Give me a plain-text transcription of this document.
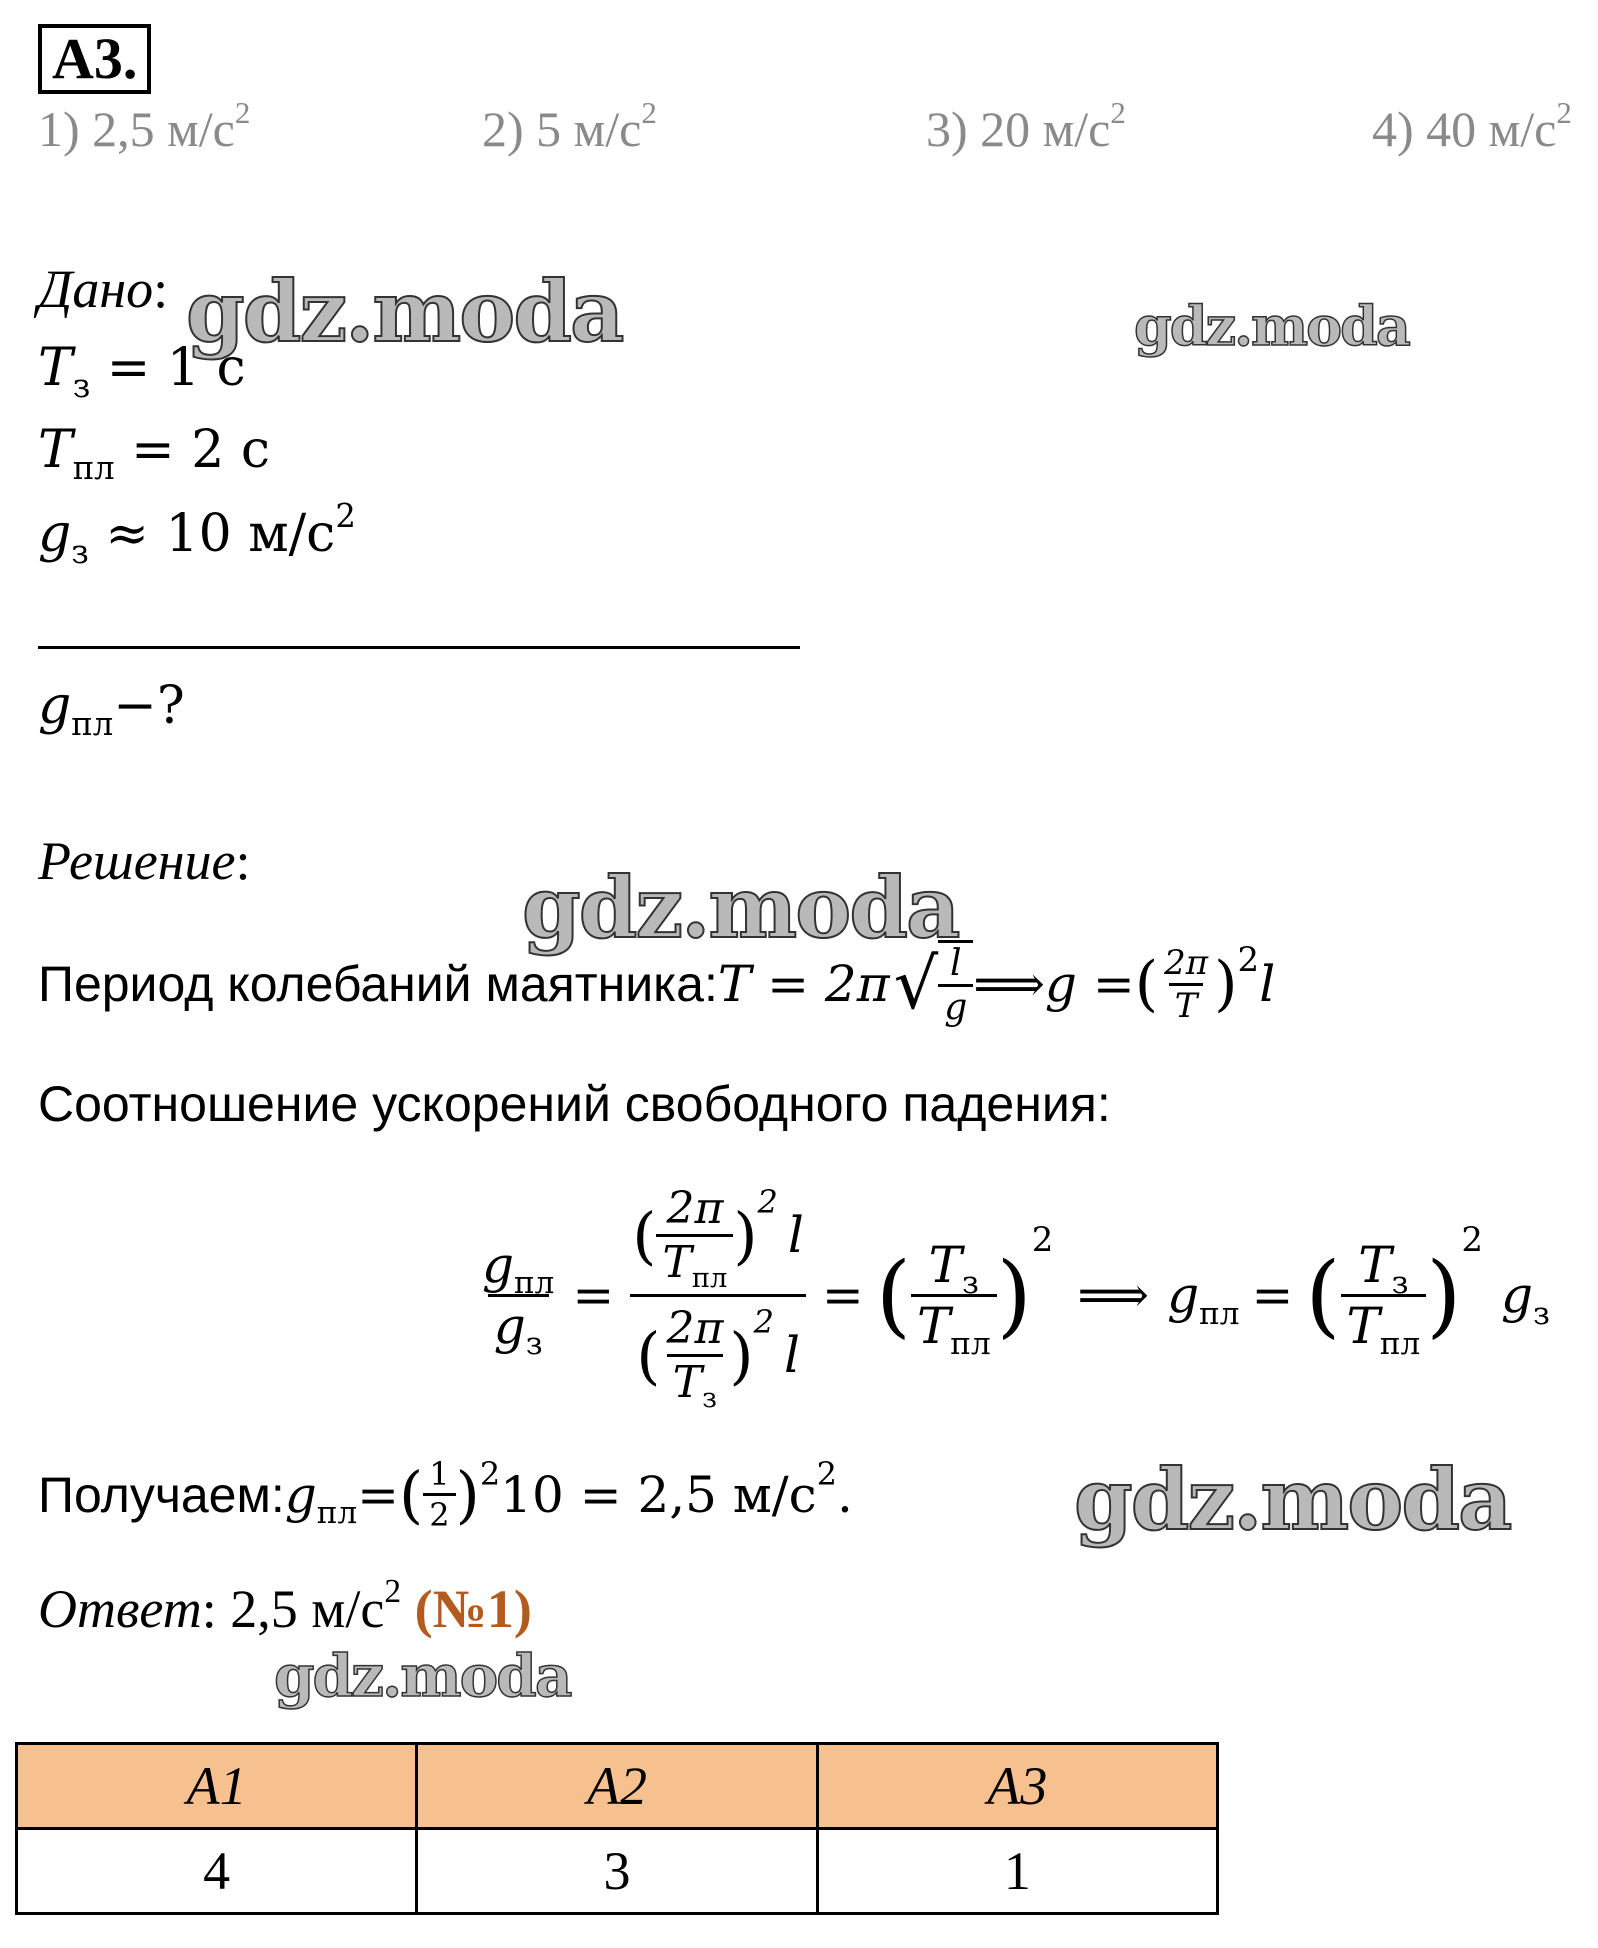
А3.
1) 2,5 $м/с^2$	2) 5 $м/с^2$	3) 20 $м/с^2$	4) 40 $м/с^2$
Дано:
$T_з = 1$ с
$T_{пл} = 2$ с
$g_з \approx 10$ $м/с^2$
$g_{пл}-$?
Решение:
Период колебаний маятника: T = 2π √ $\frac{l}{g}$ ⟹ g = ( $\frac{2\pi}{T}$ ) 2 l
Соотношение ускорений свободного падения:
$\frac{g_{пл}}{g_з}$ = ( $\frac{2\pi}{T_{пл}}$ ) 2
l
( $\frac{2\pi}{T_з}$ ) 2
l = ( $\frac{T_з}{T_{пл}}$ )
2
⟹ $g_{пл}$ = ( $\frac{T_з}{T_{пл}}$ )
2
$g_з$
Получаем: $g_{пл}$ = ( $\frac{1}{2}$ ) 2 10 = 2,5 м/с 2 .
Ответ: 2,5 $м/с^2$ (№1)
А1	А2	А3
4	3	1
gdz.moda	gdz.moda
gdz.moda
gdz.moda
gdz.moda
